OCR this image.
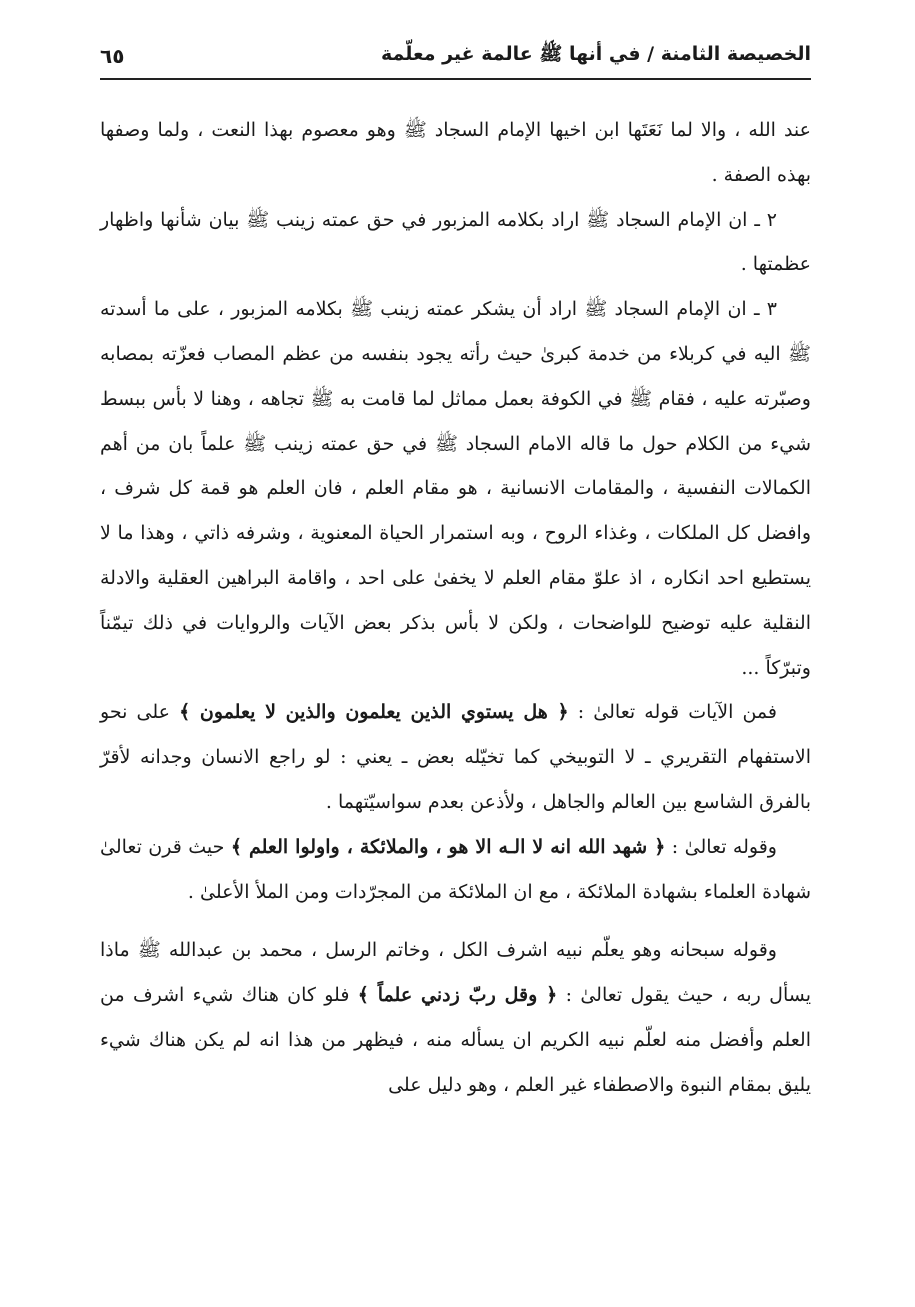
الخصيصة الثامنة / في أنها ﷺ عالمة غير معلّمة
٦٥

عند الله ، والا لما نَعَتَها ابن اخيها الإمام السجاد ﷺ وهو معصوم بهذا النعت ، ولما وصفها بهذه الصفة .

٢ ـ ان الإمام السجاد ﷺ اراد بكلامه المزبور في حق عمته زينب ﷺ بيان شأنها واظهار عظمتها .

٣ ـ ان الإمام السجاد ﷺ اراد أن يشكر عمته زينب ﷺ بكلامه المزبور ، على ما أسدته ﷺ اليه في كربلاء من خدمة كبرىٰ حيث رأته يجود بنفسه من عظم المصاب فعزّته بمصابه وصبّرته عليه ، فقام ﷺ في الكوفة بعمل مماثل لما قامت به ﷺ تجاهه ، وهنا لا بأس ببسط شيء من الكلام حول ما قاله الامام السجاد ﷺ في حق عمته زينب ﷺ علماً بان من أهم الكمالات النفسية ، والمقامات الانسانية ، هو مقام العلم ، فان العلم هو قمة كل شرف ، وافضل كل الملكات ، وغذاء الروح ، وبه استمرار الحياة المعنوية ، وشرفه ذاتي ، وهذا ما لا يستطيع احد انكاره ، اذ علوّ مقام العلم لا يخفىٰ على احد ، واقامة البراهين العقلية والادلة النقلية عليه توضيح للواضحات ، ولكن لا بأس بذكر بعض الآيات والروايات في ذلك تيمّناً وتبرّكاً ...

فمن الآيات قوله تعالىٰ : ﴿ هل يستوي الذين يعلمون والذين لا يعلمون ﴾ على نحو الاستفهام التقريري ـ لا التوبيخي كما تخيّله بعض ـ يعني : لو راجع الانسان وجدانه لأقرّ بالفرق الشاسع بين العالم والجاهل ، ولأذعن بعدم سواسيّتهما .

وقوله تعالىٰ : ﴿ شهد الله انه لا الـه الا هو ، والملائكة ، واولوا العلم ﴾ حيث قرن تعالىٰ شهادة العلماء بشهادة الملائكة ، مع ان الملائكة من المجرّدات ومن الملأ الأعلىٰ .

وقوله سبحانه وهو يعلّم نبيه اشرف الكل ، وخاتم الرسل ، محمد بن عبدالله ﷺ ماذا يسأل ربه ، حيث يقول تعالىٰ : ﴿ وقل ربّ زدني علماً ﴾ فلو كان هناك شيء اشرف من العلم وأفضل منه لعلّم نبيه الكريم ان يسأله منه ، فيظهر من هذا انه لم يكن هناك شيء يليق بمقام النبوة والاصطفاء غير العلم ، وهو دليل على
